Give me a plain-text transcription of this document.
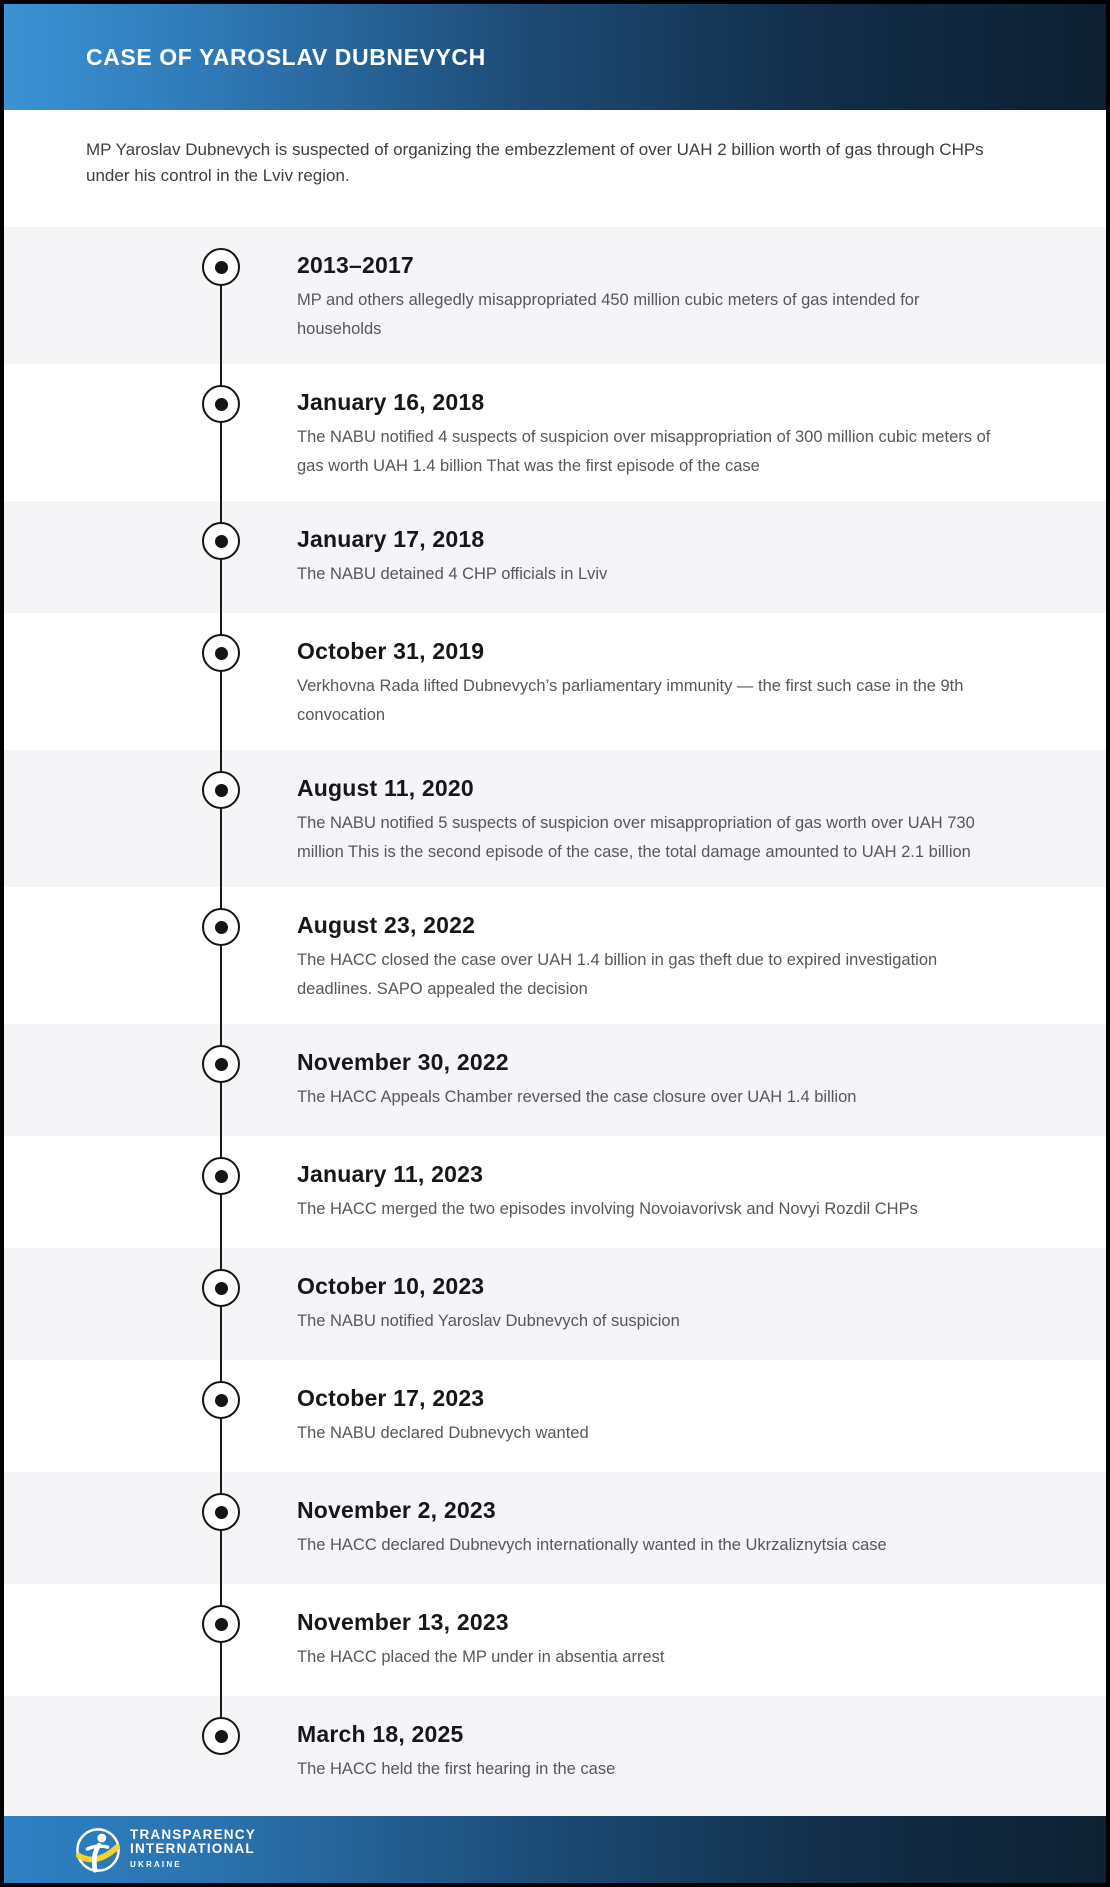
CASE OF YAROSLAV DUBNEVYCH

MP Yaroslav Dubnevych is suspected of organizing the embezzlement of over UAH 2 billion worth of gas through CHPs under his control in the Lviv region.

2013–2017

MP and others allegedly misappropriated 450 million cubic meters of gas intended for households

January 16, 2018

The NABU notified 4 suspects of suspicion over misappropriation of 300 million cubic meters of gas worth UAH 1.4 billion That was the first episode of the case

January 17, 2018

The NABU detained 4 CHP officials in Lviv

October 31, 2019

Verkhovna Rada lifted Dubnevych’s parliamentary immunity — the first such case in the 9th convocation

August 11, 2020

The NABU notified 5 suspects of suspicion over misappropriation of gas worth over UAH 730 million This is the second episode of the case, the total damage amounted to UAH 2.1 billion

August 23, 2022

The HACC closed the case over UAH 1.4 billion in gas theft due to expired investigation deadlines. SAPO appealed the decision

November 30, 2022

The HACC Appeals Chamber reversed the case closure over UAH 1.4 billion

January 11, 2023

The HACC merged the two episodes involving Novoiavorivsk and Novyi Rozdil CHPs

October 10, 2023

The NABU notified Yaroslav Dubnevych of suspicion

October 17, 2023

The NABU declared Dubnevych wanted

November 2, 2023

The HACC declared Dubnevych internationally wanted in the Ukrzaliznytsia case

November 13, 2023

The HACC placed the MP under in absentia arrest

March 18, 2025

The HACC held the first hearing in the case

TRANSPARENCY
INTERNATIONAL
UKRAINE
